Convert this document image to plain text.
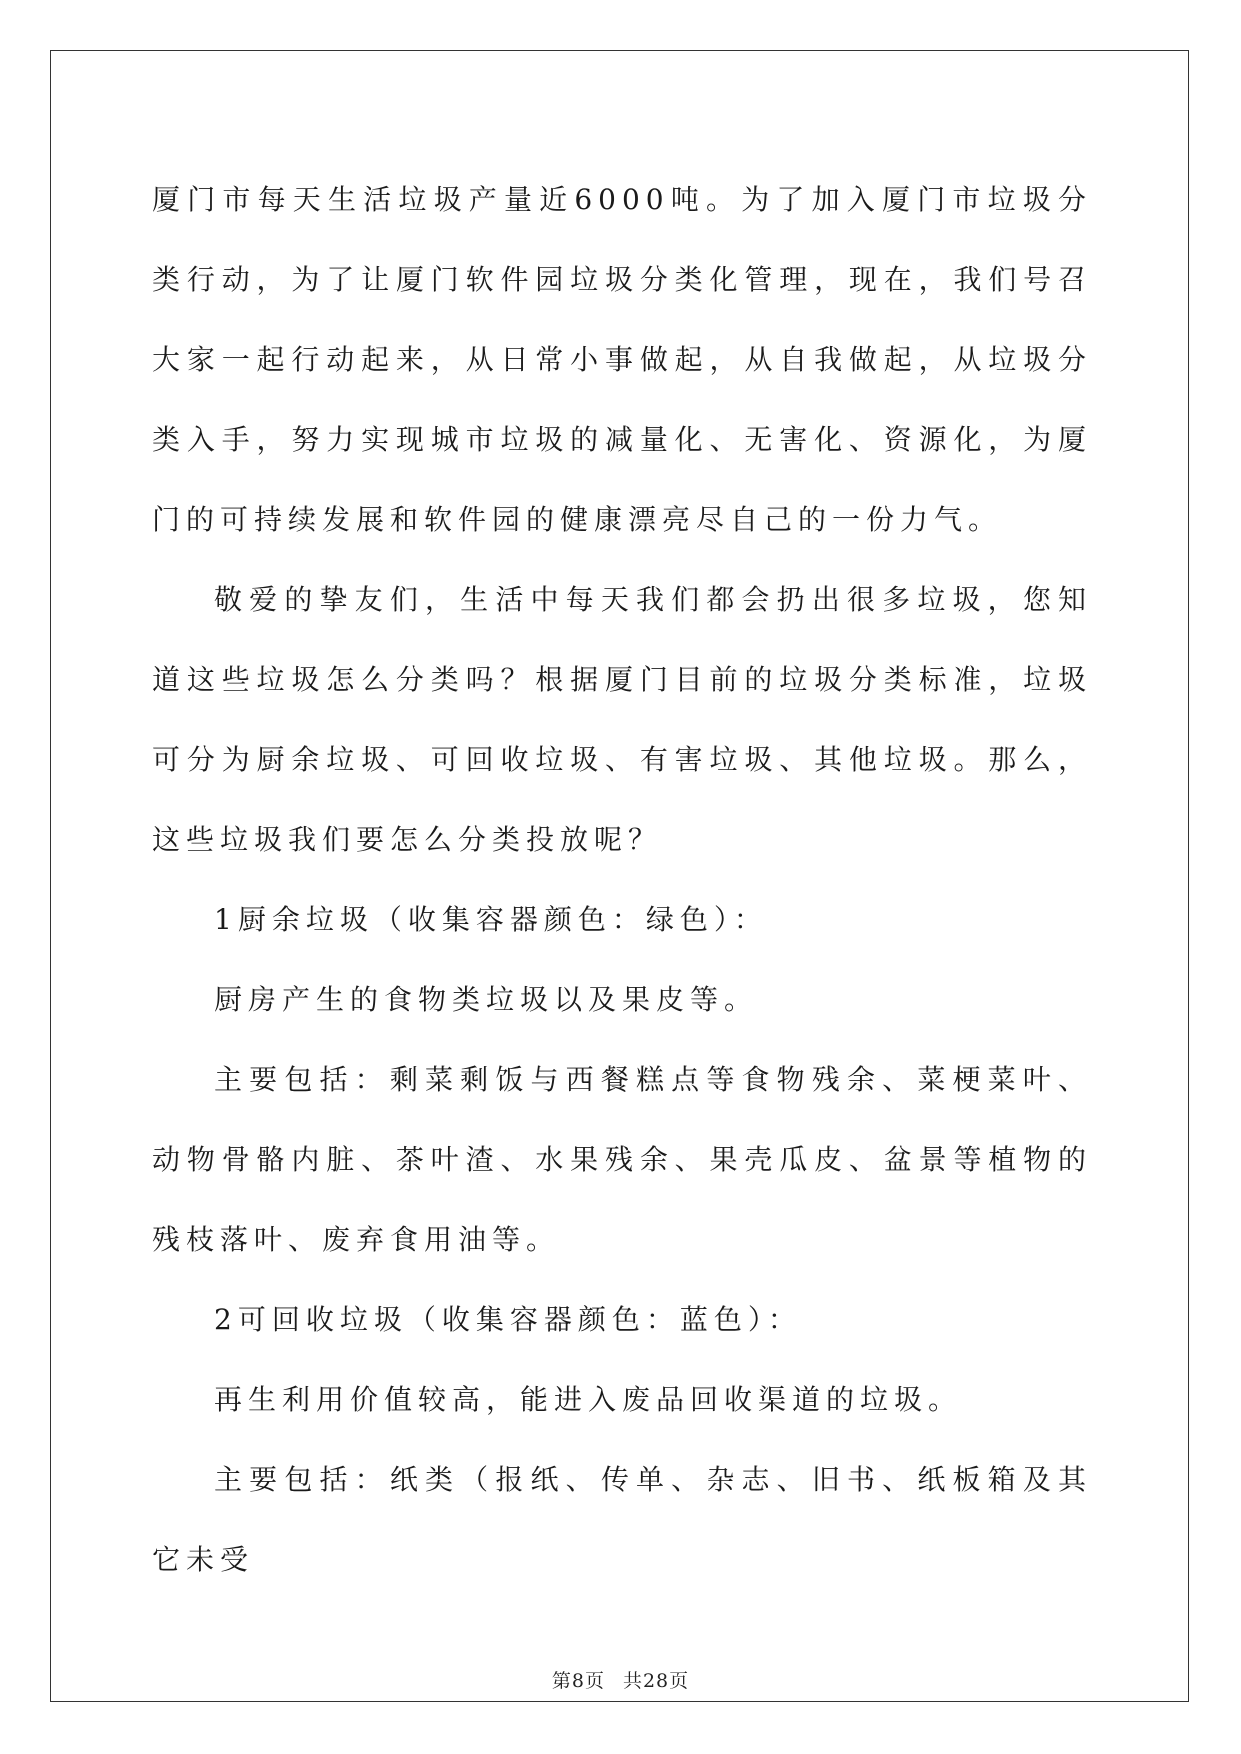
厦门市每天生活垃圾产量近6000吨。为了加入厦门市垃圾分类行动，为了让厦门软件园垃圾分类化管理，现在，我们号召大家一起行动起来，从日常小事做起，从自我做起，从垃圾分类入手，努力实现城市垃圾的减量化、无害化、资源化，为厦门的可持续发展和软件园的健康漂亮尽自己的一份力气。

敬爱的挚友们，生活中每天我们都会扔出很多垃圾，您知道这些垃圾怎么分类吗？根据厦门目前的垃圾分类标准，垃圾可分为厨余垃圾、可回收垃圾、有害垃圾、其他垃圾。那么，这些垃圾我们要怎么分类投放呢？

1厨余垃圾（收集容器颜色：绿色）：

厨房产生的食物类垃圾以及果皮等。

主要包括：剩菜剩饭与西餐糕点等食物残余、菜梗菜叶、动物骨骼内脏、茶叶渣、水果残余、果壳瓜皮、盆景等植物的残枝落叶、废弃食用油等。

2可回收垃圾（收集容器颜色：蓝色）：

再生利用价值较高，能进入废品回收渠道的垃圾。

主要包括：纸类（报纸、传单、杂志、旧书、纸板箱及其它未受

第8页 共28页
